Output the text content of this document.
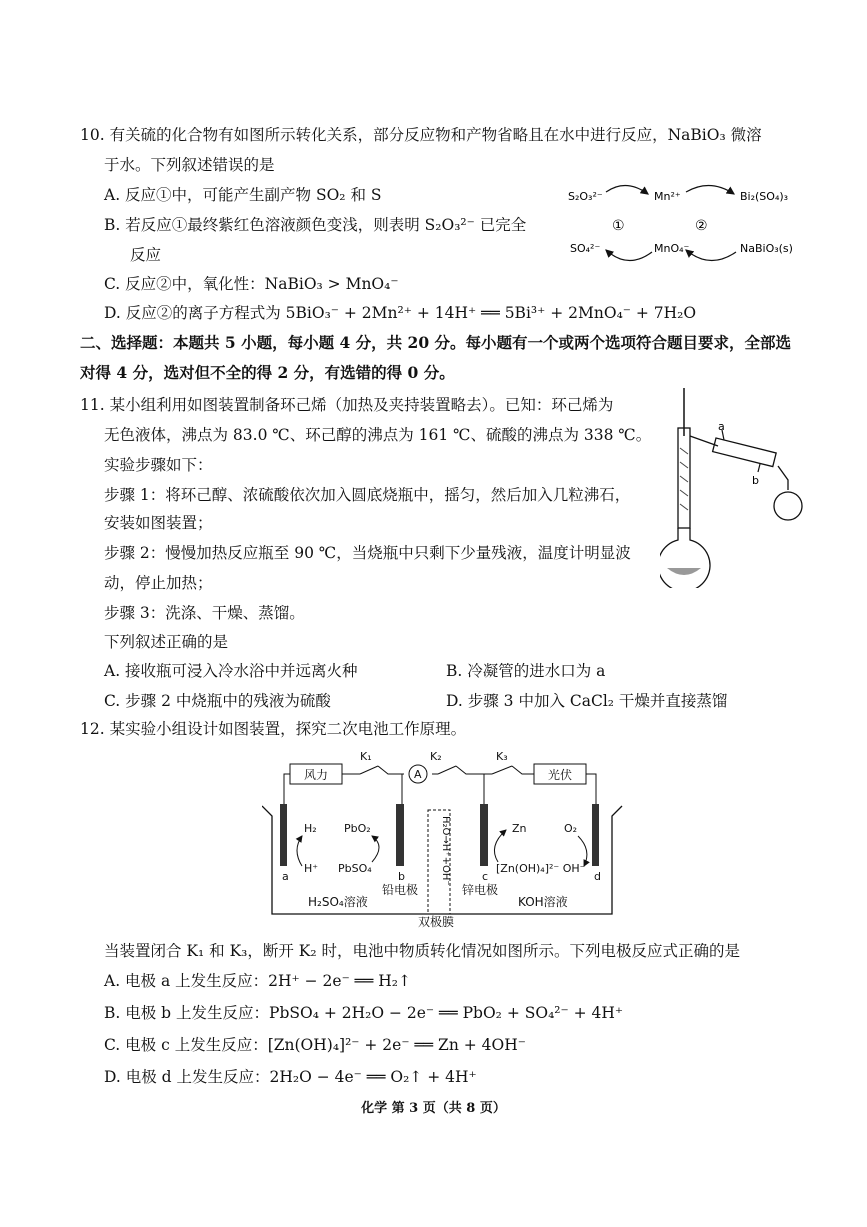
10. 有关硫的化合物有如图所示转化关系，部分反应物和产物省略且在水中进行反应，NaBiO₃ 微溶
于水。下列叙述错误的是
A. 反应①中，可能产生副产物 SO₂ 和 S
B. 若反应①最终紫红色溶液颜色变浅，则表明 S₂O₃²⁻ 已完全
反应
C. 反应②中，氧化性：NaBiO₃ > MnO₄⁻
D. 反应②的离子方程式为 5BiO₃⁻ + 2Mn²⁺ + 14H⁺ ══ 5Bi³⁺ + 2MnO₄⁻ + 7H₂O
S₂O₃²⁻
SO₄²⁻
Mn²⁺
MnO₄⁻
Bi₂(SO₄)₃
NaBiO₃(s)
①	②
二、选择题：本题共 5 小题，每小题 4 分，共 20 分。每小题有一个或两个选项符合题目要求，全部选
对得 4 分，选对但不全的得 2 分，有选错的得 0 分。
11. 某小组利用如图装置制备环己烯（加热及夹持装置略去）。已知：环己烯为
无色液体，沸点为 83.0 ℃、环己醇的沸点为 161 ℃、硫酸的沸点为 338 ℃。
实验步骤如下：
步骤 1：将环己醇、浓硫酸依次加入圆底烧瓶中，摇匀，然后加入几粒沸石，
安装如图装置；
步骤 2：慢慢加热反应瓶至 90 ℃，当烧瓶中只剩下少量残液，温度计明显波
动，停止加热；
步骤 3：洗涤、干燥、蒸馏。
下列叙述正确的是
A. 接收瓶可浸入冷水浴中并远离火种	B. 冷凝管的进水口为 a
C. 步骤 2 中烧瓶中的残液为硫酸	D. 步骤 3 中加入 CaCl₂ 干燥并直接蒸馏
a
b
12. 某实验小组设计如图装置，探究二次电池工作原理。
风力	光伏
K₁	K₂	K₃
A
H₂O→H⁺+OH⁻
H₂
H⁺
PbO₂
PbSO₄
Zn
[Zn(OH)₄]²⁻ OH⁻
O₂
a	b	c	d
铅电极	锌电极
H₂SO₄溶液	KOH溶液
双极膜
当装置闭合 K₁ 和 K₃，断开 K₂ 时，电池中物质转化情况如图所示。下列电极反应式正确的是
A. 电极 a 上发生反应：2H⁺ − 2e⁻ ══ H₂↑
B. 电极 b 上发生反应：PbSO₄ + 2H₂O − 2e⁻ ══ PbO₂ + SO₄²⁻ + 4H⁺
C. 电极 c 上发生反应：[Zn(OH)₄]²⁻ + 2e⁻ ══ Zn + 4OH⁻
D. 电极 d 上发生反应：2H₂O − 4e⁻ ══ O₂↑ + 4H⁺
化学 第 3 页（共 8 页）
